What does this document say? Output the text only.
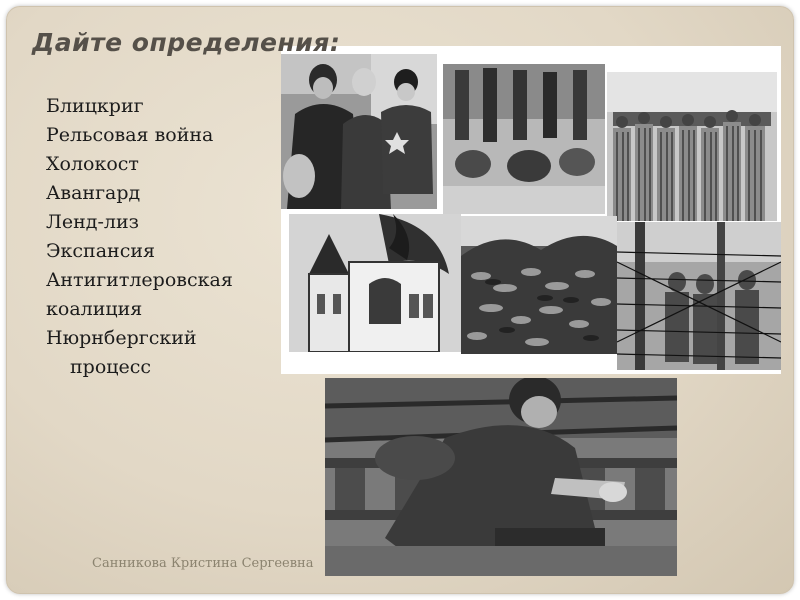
Дайте определения:
Блицкриг
Рельсовая война
Холокост
Авангард
Ленд-лиз
Экспансия
Антигитлеровская
коалиция
Нюрнбергский
процесс
Санникова Кристина Сергеевна
